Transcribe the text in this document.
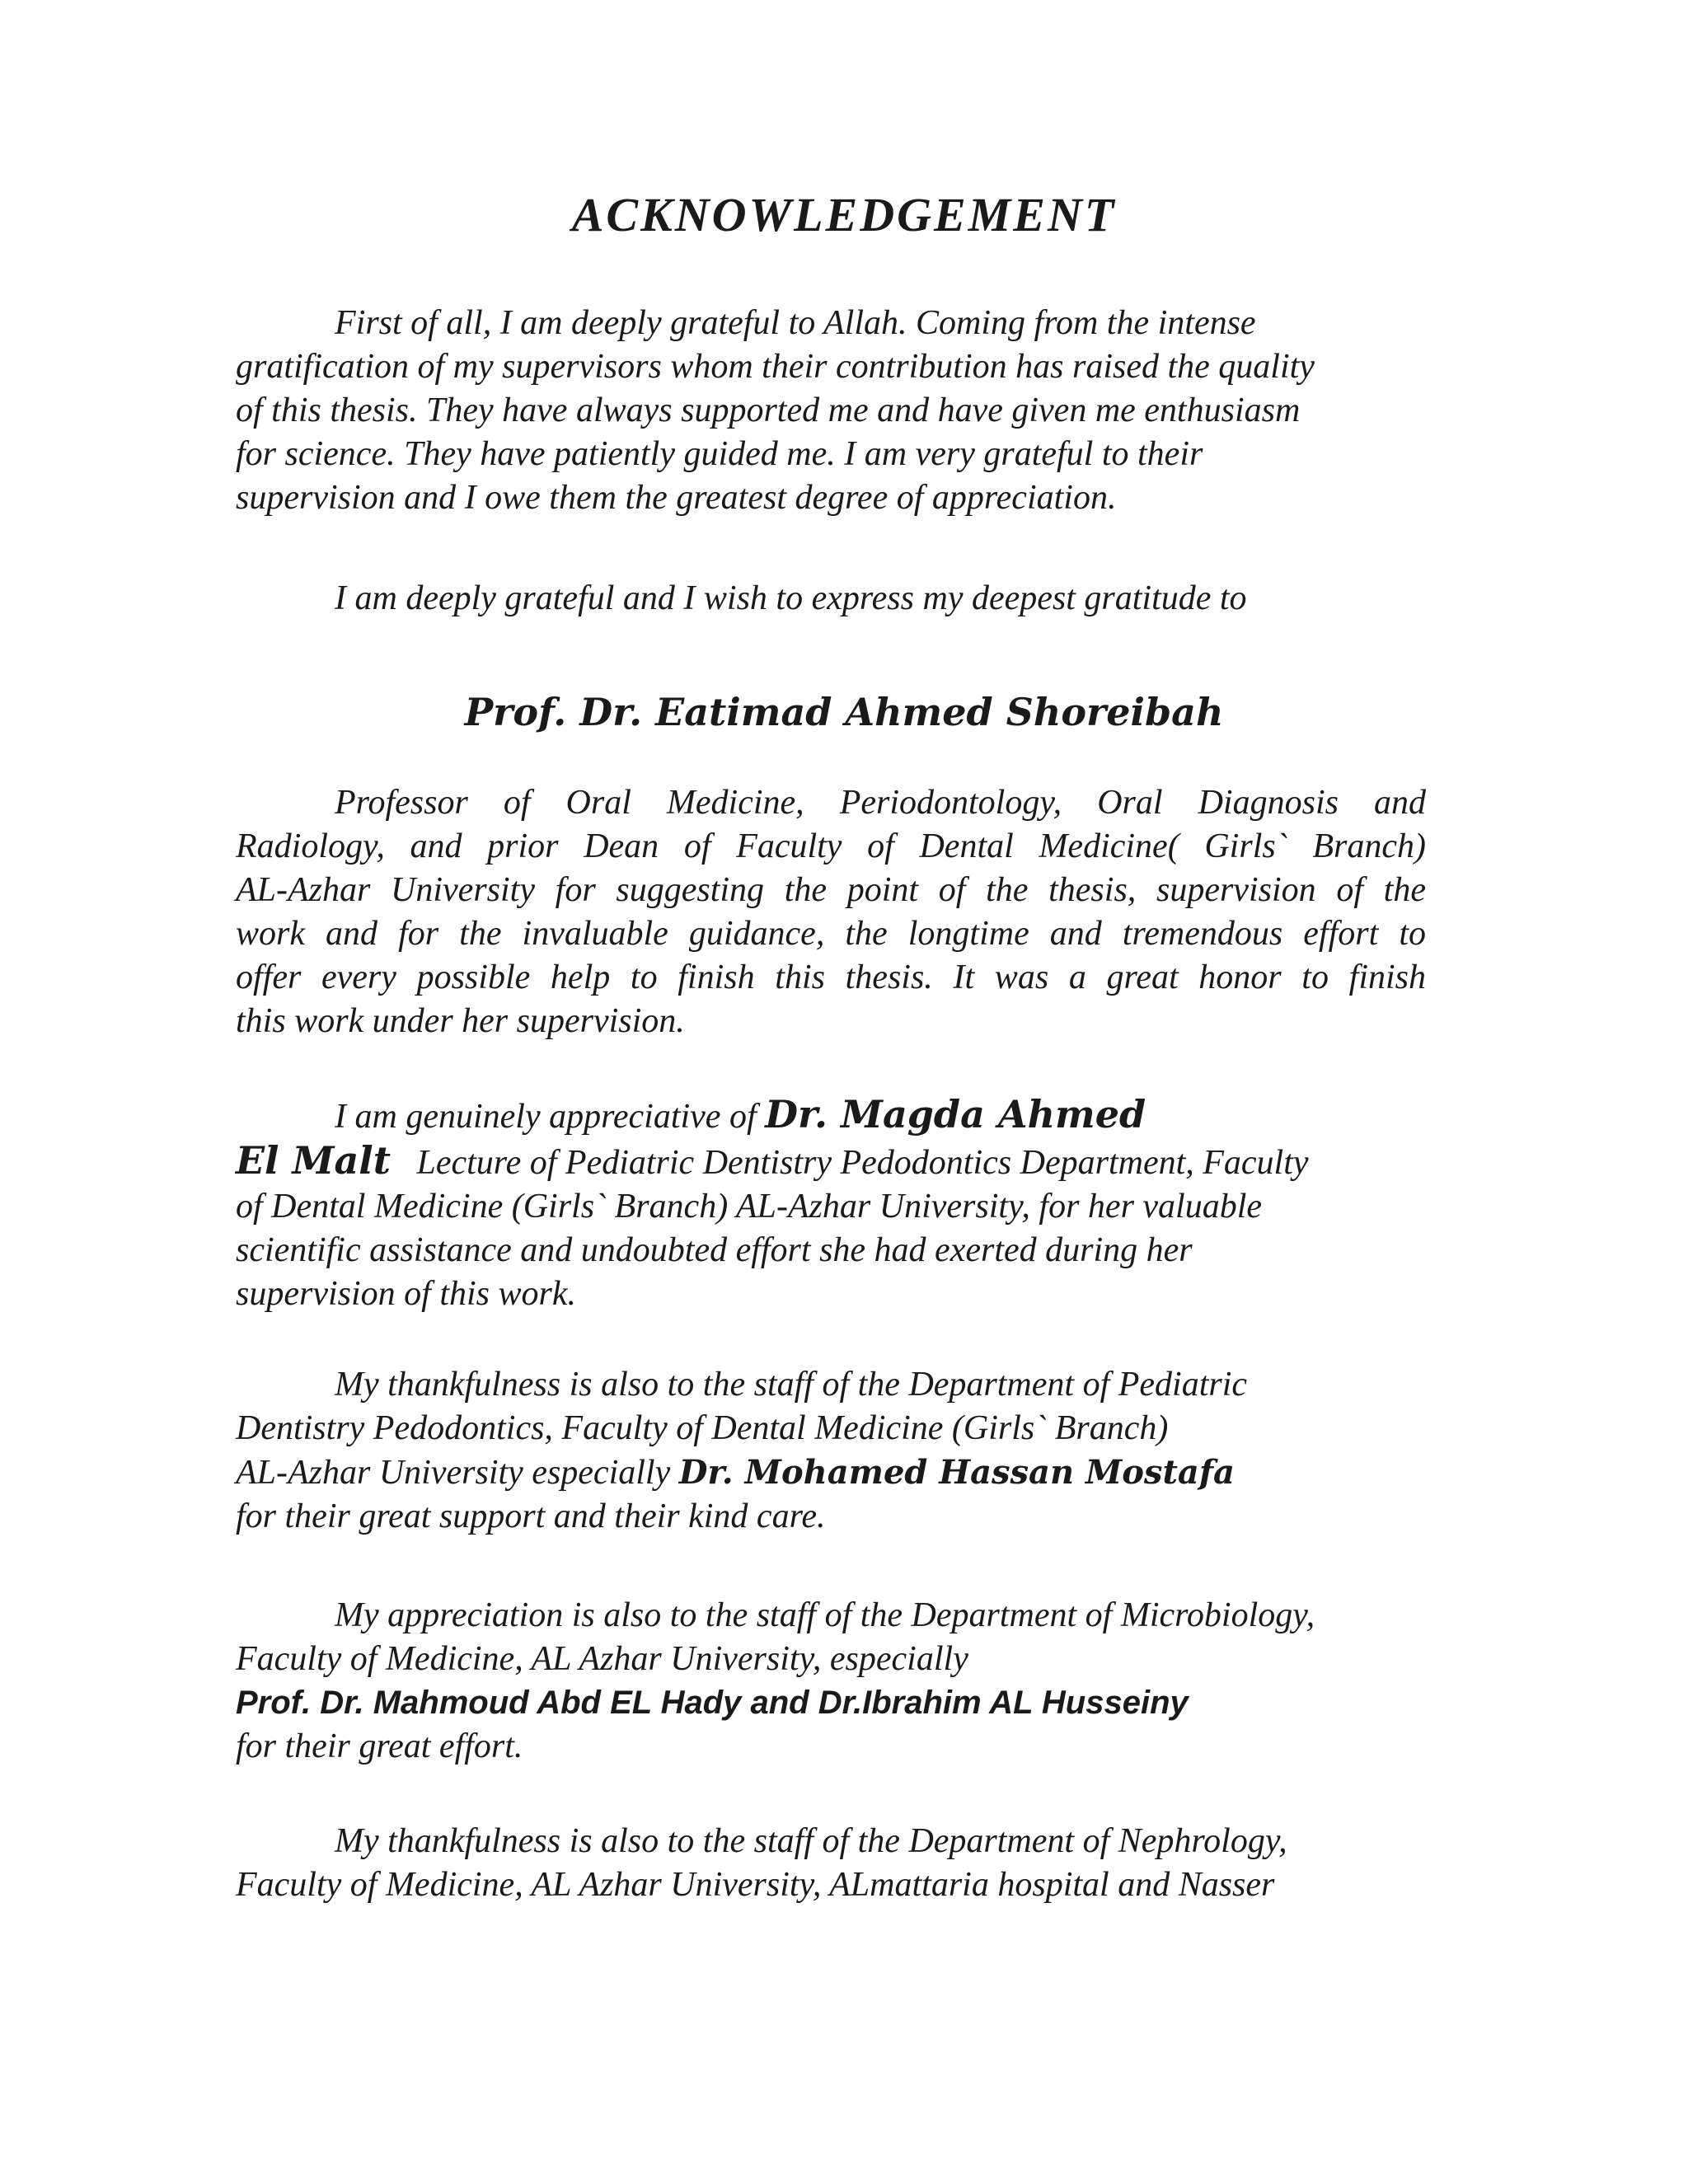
ACKNOWLEDGEMENT
First of all, I am deeply grateful to Allah. Coming from the intense
gratification of my supervisors whom their contribution has raised the quality
of this thesis. They have always supported me and have given me enthusiasm
for science. They have patiently guided me. I am very grateful to their
supervision and I owe them the greatest degree of appreciation.
I am deeply grateful and I wish to express my deepest gratitude to

Prof. Dr. Eatimad Ahmed Shoreibah

Professor of Oral Medicine, Periodontology, Oral Diagnosis and
Radiology, and prior Dean of Faculty of Dental Medicine( Girls` Branch)
AL-Azhar University for suggesting the point of the thesis, supervision of the
work and for the invaluable guidance, the longtime and tremendous effort to
offer every possible help to finish this thesis. It was a great honor to finish
this work under her supervision.
I am genuinely appreciative of Dr. Magda Ahmed
El Malt Lecture of Pediatric Dentistry Pedodontics Department, Faculty
of Dental Medicine (Girls` Branch) AL-Azhar University, for her valuable
scientific assistance and undoubted effort she had exerted during her
supervision of this work.
My thankfulness is also to the staff of the Department of Pediatric
Dentistry Pedodontics, Faculty of Dental Medicine (Girls` Branch)
AL-Azhar University especially Dr. Mohamed Hassan Mostafa
for their great support and their kind care.
My appreciation is also to the staff of the Department of Microbiology,
Faculty of Medicine, AL Azhar University, especially
Prof. Dr. Mahmoud Abd EL Hady and Dr.Ibrahim AL Husseiny
for their great effort.
My thankfulness is also to the staff of the Department of Nephrology,
Faculty of Medicine, AL Azhar University, ALmattaria hospital and Nasser
